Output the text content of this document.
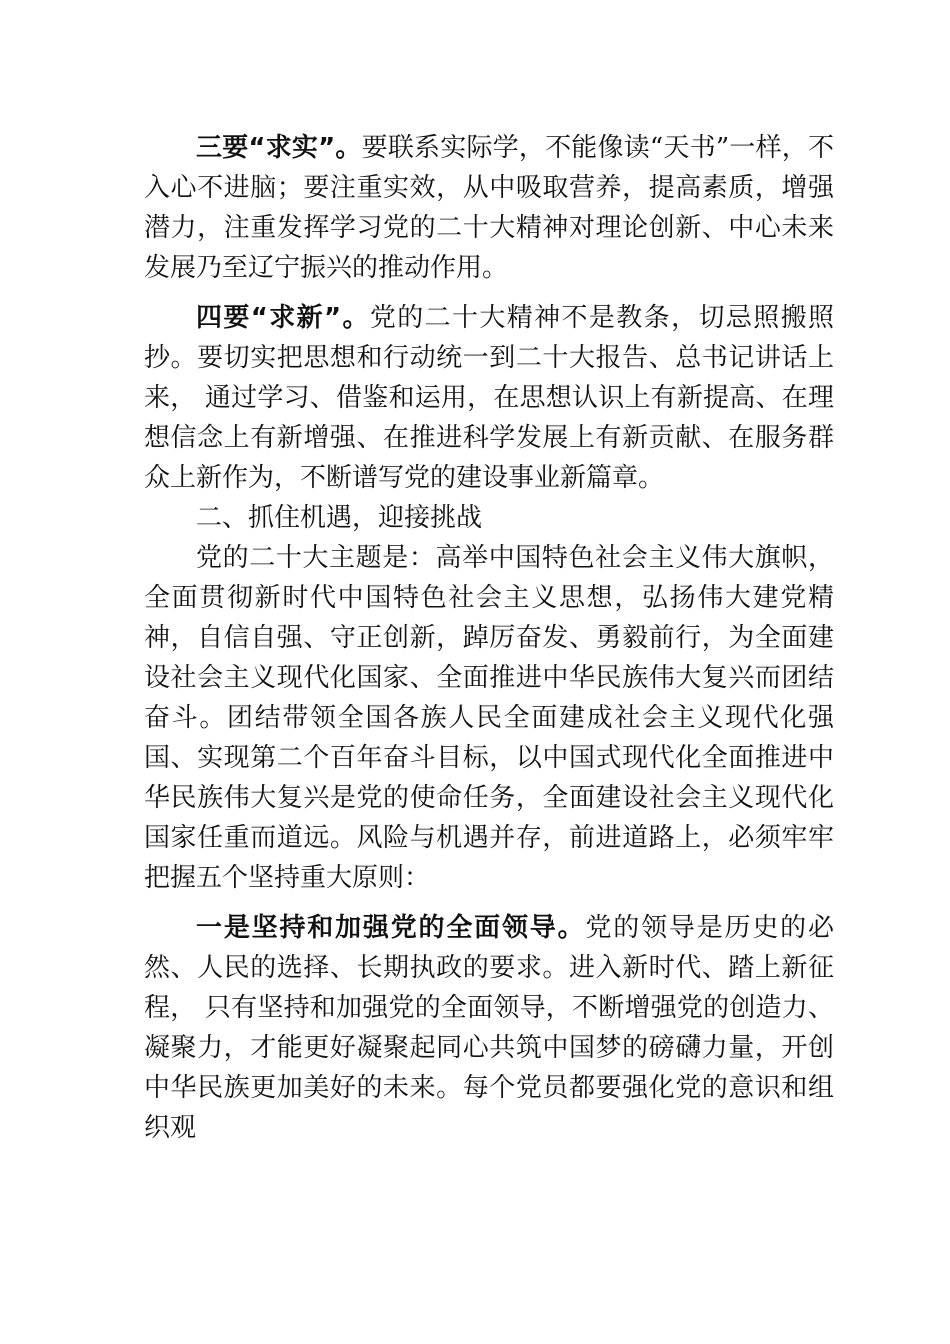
三要“求实”。要联系实际学，不能像读“天书”一样，不入心不进脑；要注重实效，从中吸取营养，提高素质，增强潜力，注重发挥学习党的二十大精神对理论创新、中心未来发展乃至辽宁振兴的推动作用。

四要“求新”。党的二十大精神不是教条，切忌照搬照抄。要切实把思想和行动统一到二十大报告、总书记讲话上来， 通过学习、借鉴和运用，在思想认识上有新提高、在理想信念上有新增强、在推进科学发展上有新贡献、在服务群众上新作为，不断谱写党的建设事业新篇章。

二、抓住机遇，迎接挑战

党的二十大主题是：高举中国特色社会主义伟大旗帜，全面贯彻新时代中国特色社会主义思想，弘扬伟大建党精神，自信自强、守正创新，踔厉奋发、勇毅前行，为全面建设社会主义现代化国家、全面推进中华民族伟大复兴而团结奋斗。团结带领全国各族人民全面建成社会主义现代化强国、实现第二个百年奋斗目标，以中国式现代化全面推进中华民族伟大复兴是党的使命任务，全面建设社会主义现代化国家任重而道远。风险与机遇并存，前进道路上，必须牢牢把握五个坚持重大原则：

一是坚持和加强党的全面领导。党的领导是历史的必然、人民的选择、长期执政的要求。进入新时代、踏上新征程， 只有坚持和加强党的全面领导，不断增强党的创造力、凝聚力，才能更好凝聚起同心共筑中国梦的磅礴力量，开创中华民族更加美好的未来。每个党员都要强化党的意识和组织观
